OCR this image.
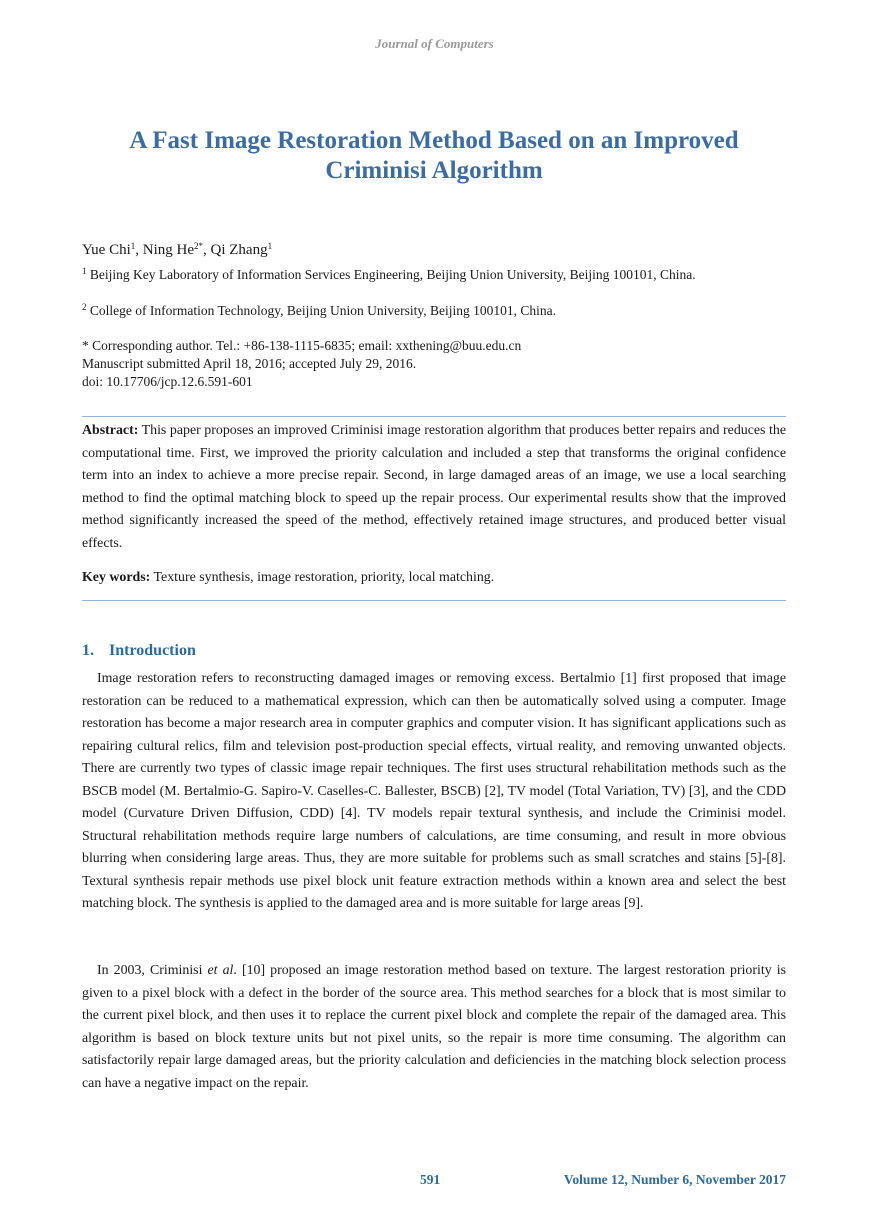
Journal of Computers
A Fast Image Restoration Method Based on an Improved Criminisi Algorithm
Yue Chi$^1$, Ning $He^{2*}$, Qi Zhang$^1$
$^1$ Beijing Key Laboratory of Information Services Engineering, Beijing Union University, Beijing 100101, China.
$^2$ College of Information Technology, Beijing Union University, Beijing 100101, China.
* Corresponding author. Tel.: +86-138-1115-6835; email: xxthening@buu.edu.cn
Manuscript submitted April 18, 2016; accepted July 29, 2016.
doi: 10.17706/jcp.12.6.591-601
Abstract: This paper proposes an improved Criminisi image restoration algorithm that produces better repairs and reduces the computational time. First, we improved the priority calculation and included a step that transforms the original confidence term into an index to achieve a more precise repair. Second, in large damaged areas of an image, we use a local searching method to find the optimal matching block to speed up the repair process. Our experimental results show that the improved method significantly increased the speed of the method, effectively retained image structures, and produced better visual effects.
Key words: Texture synthesis, image restoration, priority, local matching.
1. Introduction
Image restoration refers to reconstructing damaged images or removing excess. Bertalmio [1] first proposed that image restoration can be reduced to a mathematical expression, which can then be automatically solved using a computer. Image restoration has become a major research area in computer graphics and computer vision. It has significant applications such as repairing cultural relics, film and television post-production special effects, virtual reality, and removing unwanted objects. There are currently two types of classic image repair techniques. The first uses structural rehabilitation methods such as the BSCB model (M. Bertalmio-G. Sapiro-V. Caselles-C. Ballester, BSCB) [2], TV model (Total Variation, TV) [3], and the CDD model (Curvature Driven Diffusion, CDD) [4]. TV models repair textural synthesis, and include the Criminisi model. Structural rehabilitation methods require large numbers of calculations, are time consuming, and result in more obvious blurring when considering large areas. Thus, they are more suitable for problems such as small scratches and stains [5]-[8]. Textural synthesis repair methods use pixel block unit feature extraction methods within a known area and select the best matching block. The synthesis is applied to the damaged area and is more suitable for large areas [9].
In 2003, Criminisi et al. [10] proposed an image restoration method based on texture. The largest restoration priority is given to a pixel block with a defect in the border of the source area. This method searches for a block that is most similar to the current pixel block, and then uses it to replace the current pixel block and complete the repair of the damaged area. This algorithm is based on block texture units but not pixel units, so the repair is more time consuming. The algorithm can satisfactorily repair large damaged areas, but the priority calculation and deficiencies in the matching block selection process can have a negative impact on the repair.
591	Volume 12, Number 6, November 2017
